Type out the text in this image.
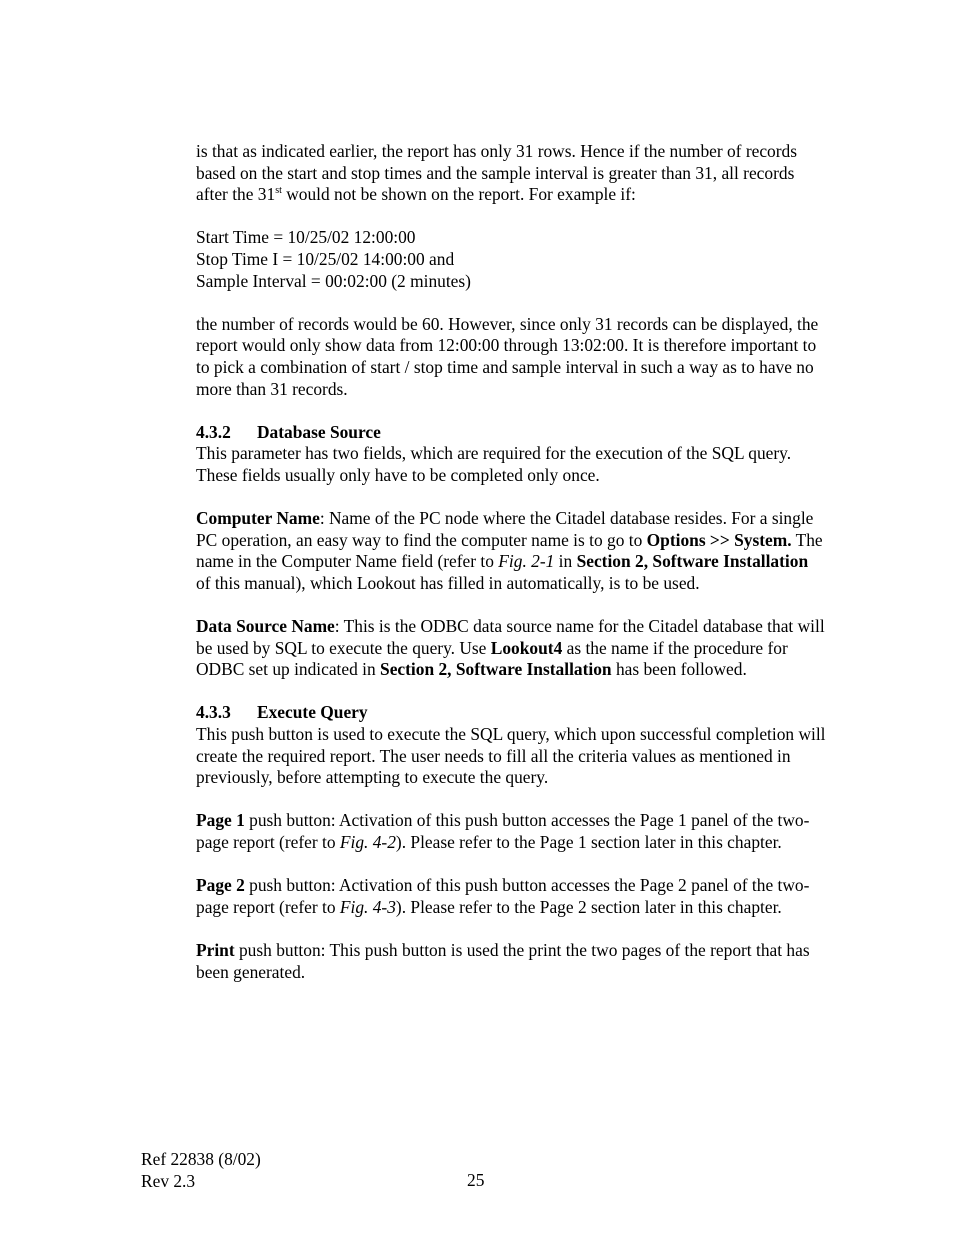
is that as indicated earlier, the report has only 31 rows. Hence if the number of records based on the start and stop times and the sample interval is greater than 31, all records after the 31st would not be shown on the report. For example if:

Start Time = 10/25/02 12:00:00

Stop Time I = 10/25/02 14:00:00 and

Sample Interval = 00:02:00 (2 minutes)

the number of records would be 60. However, since only 31 records can be displayed, the report would only show data from 12:00:00 through 13:02:00. It is therefore important to to pick a combination of start / stop time and sample interval in such a way as to have no more than 31 records.

4.3.2 Database Source

This parameter has two fields, which are required for the execution of the SQL query. These fields usually only have to be completed only once.

Computer Name: Name of the PC node where the Citadel database resides. For a single PC operation, an easy way to find the computer name is to go to Options >> System. The name in the Computer Name field (refer to Fig. 2-1 in Section 2, Software Installation of this manual), which Lookout has filled in automatically, is to be used.

Data Source Name: This is the ODBC data source name for the Citadel database that will be used by SQL to execute the query. Use Lookout4 as the name if the procedure for ODBC set up indicated in Section 2, Software Installation has been followed.

4.3.3 Execute Query

This push button is used to execute the SQL query, which upon successful completion will create the required report. The user needs to fill all the criteria values as mentioned in previously, before attempting to execute the query.

Page 1 push button: Activation of this push button accesses the Page 1 panel of the two-page report (refer to Fig. 4-2). Please refer to the Page 1 section later in this chapter.

Page 2 push button: Activation of this push button accesses the Page 2 panel of the two-page report (refer to Fig. 4-3). Please refer to the Page 2 section later in this chapter.

Print push button: This push button is used the print the two pages of the report that has been generated.

Ref 22838 (8/02)
Rev 2.3	25
